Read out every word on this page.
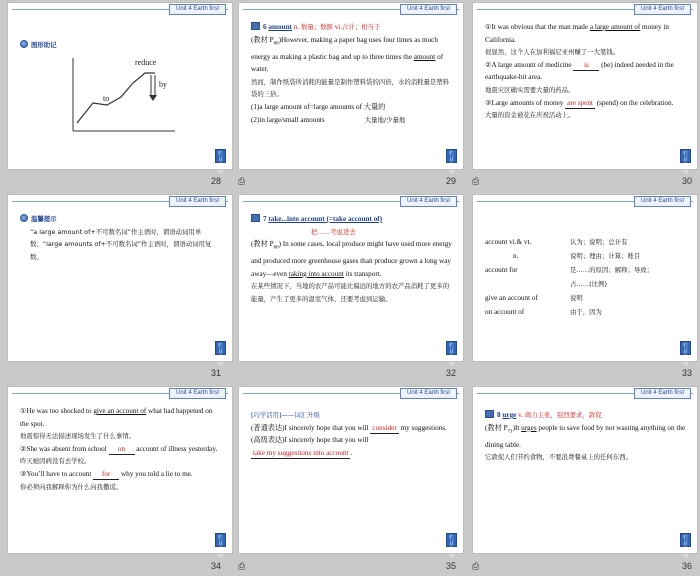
Unit 4 Earth first
图形助记
reduce
by
to
栏目 导引
28
Unit 4 Earth first
6 amount n. 数量；数额 vi.合计；相当于
(教材 $P_{66})However$, making a paper bag uses four times as much energy as making a plastic bag and up to three times the amount of water.
然而，制作纸袋所消耗的能量是制作塑料袋的四倍，水的消耗量是塑料袋的三倍。
(1)a large amount of=large amounts of 大量的
(2)in large/small amounts	大量地/少量地
栏目 导引
⎙	29
Unit 4 Earth first
①It was obvious that the man made a large amount of money in California.
很显然，这个人在加利福尼亚州赚了一大笔钱。
②A large amount of medicine is (be) indeed needed in the earthquake-hit area.
地震灾区确实需要大量的药品。
③Large amounts of money are spent (spend) on the celebration.
大量的资金被花在庆祝活动上。
栏目 导引
⎙	30
Unit 4 Earth first
温馨提示
“a large amount of+不可数名词”作主语时，谓语动词用单数；“large amounts of+不可数名词”作主语时，谓语动词用复数。
栏目 导引
31
Unit 4 Earth first
7 take...into account (=take account of)
把……考虑进去
(教材 $P_{66}$) In some cases, local produce might have used more energy and produced more greenhouse gases than produce grown a long way away—even taking into account its transport.
在某些情况下，当地的农产品可能比偏远的地方的农产品消耗了更多的能量，产生了更多的温室气体，还要考虑到运输。
栏目 导引
32
Unit 4 Earth first
account vi.& vt.	认为；说明；总计有
n.	说明；理由；计算；账目
account for	是……的原因；解释；导致；
占……(比例)
give an account of	说明
on account of	由于，因为
栏目 导引
33
Unit 4 Earth first
①He was too shocked to give an account of what had happened on the spot.
他震惊得无法描述现场发生了什么事情。
②She was absent from school on account of illness yesterday.
昨天她因病没有去学校。
③You’ll have to account for why you told a lie to me.
你必须向我解释你为什么向我撒谎。
栏目 导引
34
Unit 4 Earth first
[巧学活用]——词汇升级
(普通表达)I sincerely hope that you will consider my suggestions.
(高级表达)I sincerely hope that you will take my suggestions into account .
栏目 导引
⎙	35
Unit 4 Earth first
8 urge v. 竭力主张，强烈要求，敦促
(教材 $P_{71})It$ urges people to save food by not wasting anything on the dining table.
它敦促人们节约食物，不要浪费餐桌上的任何东西。
栏目 导引
⎙	36
